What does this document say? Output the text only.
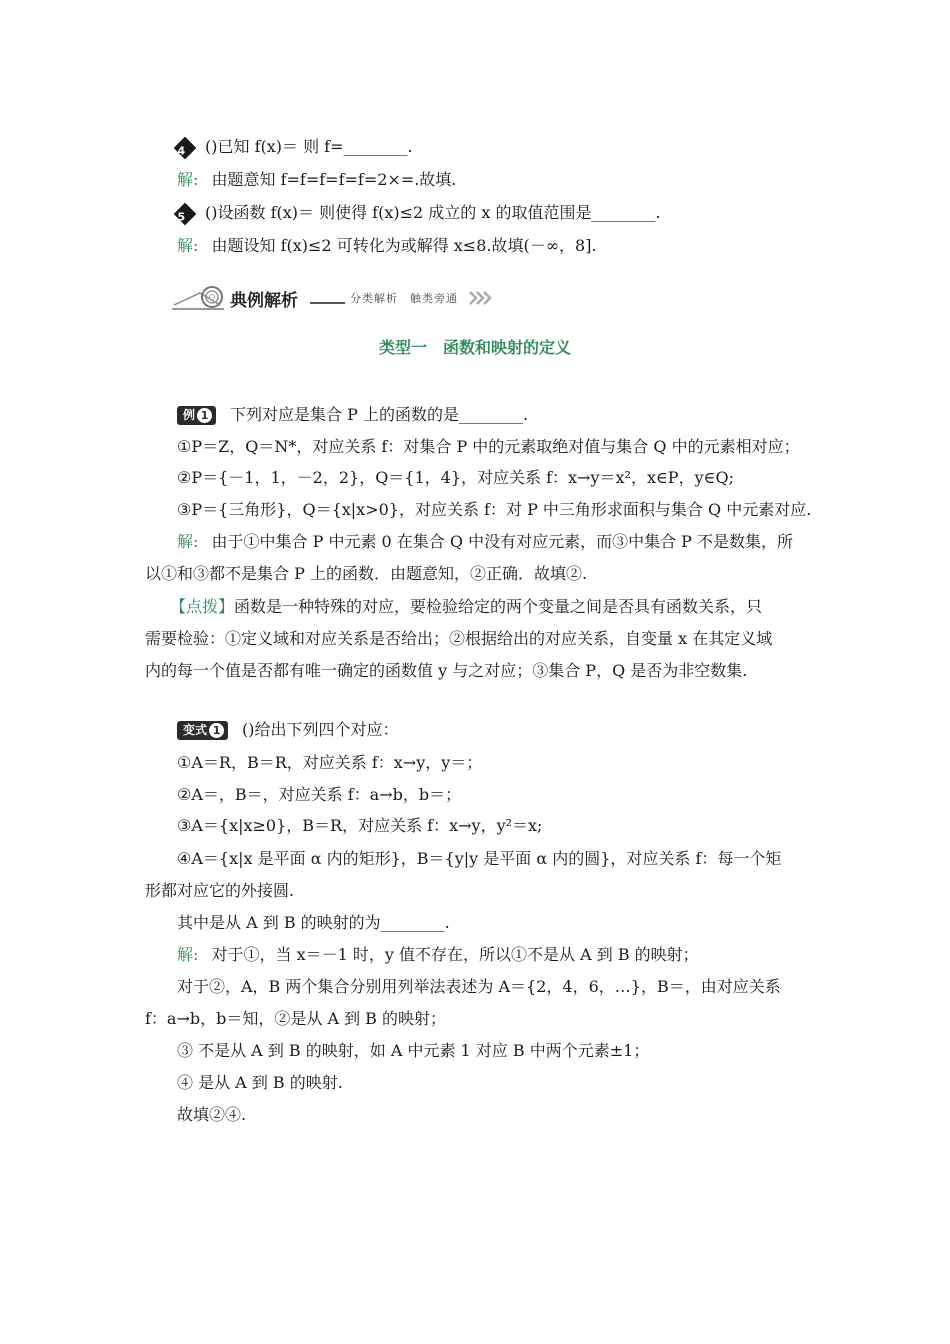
4 ()已知 f(x)＝ 则 f=________.
解: 由题意知 f=f=f=f=f=2×=.故填.
5 ()设函数 f(x)＝ 则使得 f(x)≤2 成立的 x 的取值范围是________.
解: 由题设知 f(x)≤2 可转化为或解得 x≤8.故填(－∞，8].
典例解析	分类解析　触类旁通
类型一　函数和映射的定义
例 1 下列对应是集合 P 上的函数的是________.
①P＝Z，Q＝N*，对应关系 f：对集合 P 中的元素取绝对值与集合 Q 中的元素相对应；
②P＝{－1，1，－2，2}，Q＝{1，4}，对应关系 f：x→y＝x²，x∈P，y∈Q;
③P＝{三角形}，Q＝{x|x>0}，对应关系 f：对 P 中三角形求面积与集合 Q 中元素对应.
解: 由于①中集合 P 中元素 0 在集合 Q 中没有对应元素，而③中集合 P 不是数集，所
以①和③都不是集合 P 上的函数．由题意知，②正确．故填②.
【点拨】函数是一种特殊的对应，要检验给定的两个变量之间是否具有函数关系，只
需要检验：①定义域和对应关系是否给出；②根据给出的对应关系，自变量 x 在其定义域
内的每一个值是否都有唯一确定的函数值 y 与之对应；③集合 P，Q 是否为非空数集.
变式 1 ()给出下列四个对应：
①A＝R，B＝R，对应关系 f：x→y，y＝；
②A＝，B＝，对应关系 f：a→b，b＝；
③A＝{x|x≥0}，B＝R，对应关系 f：x→y，y²＝x;
④A＝{x|x 是平面 α 内的矩形}，B＝{y|y 是平面 α 内的圆}，对应关系 f：每一个矩
形都对应它的外接圆.
其中是从 A 到 B 的映射的为________.
解: 对于①，当 x＝－1 时，y 值不存在，所以①不是从 A 到 B 的映射；
对于②，A，B 两个集合分别用列举法表述为 A＝{2，4，6，…}，B＝，由对应关系
f：a→b，b＝知，②是从 A 到 B 的映射；
③ 不是从 A 到 B 的映射，如 A 中元素 1 对应 B 中两个元素±1；
④ 是从 A 到 B 的映射.
故填②④.
